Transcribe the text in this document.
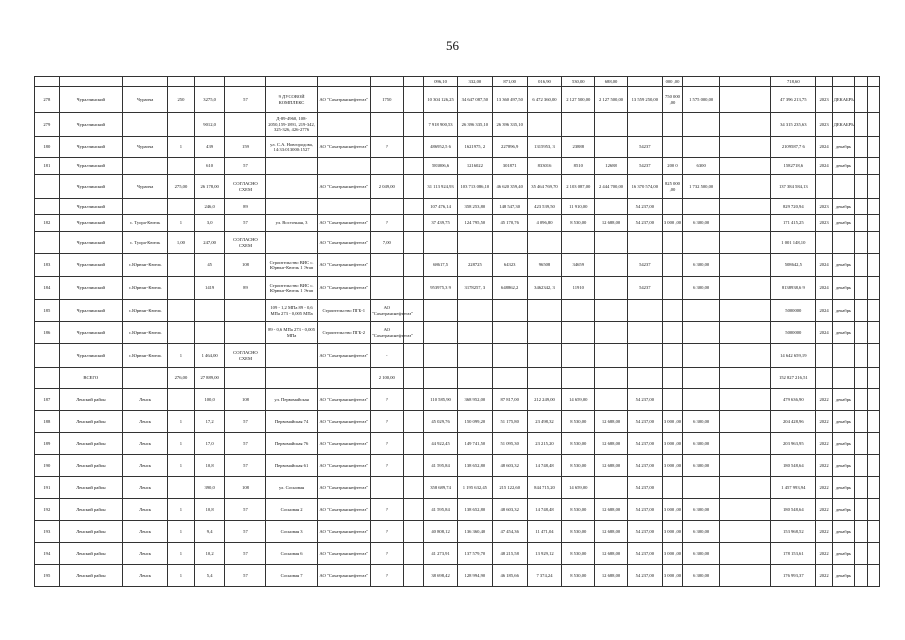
56
										096,10	332,00	871,00	016,90	530,00	688,00		000 ,00			718,60				
278	Чуралчинский	Чурапча	250	3275,0	57	9 ДУСОВОЙ КОМПЛЕКС	АО "Сахатранснефтегаз"	1750		10 304 126,25	34 647 087,50	13 360 497,50	6 472 360,00	2 127 500,00	2 127 500,00	13 559 250,00	750 000 ,00	1 575 000,00		47 396 213,75	2023	ДЕКАБРЬ		
279	Чуралчинский			9012,0		Д-89-4960, 108-2050,159-1891, 219-342, 325-326, 426-2776				7 918 900,53	26 396 335,10	26 396 335,10								34 315 235,63	2023	ДЕКАБРЬ		
180	Чуралчинский	Чурапча	1	439	159	ул. С.А. Новгородова, 14:33:013000:1527	АО "Сахатранснефтегаз"	?		486952,5 6	1621975, 2	227896,9	1315953, 3	23888		54237				2109587,7 6	2024	декабрь		
181	Чуралчинский			610	57					583006,6	1216022	301871	833016	8510	12688	54237	200 0	6300		1582718,6	2024	декабрь		
	Чуралчинский	Чурапча	275,00	26 178,00	СОГЛАСНО СХЕМ		АО "Сахатранснефтегаз"	2 049,00		31 113 924,93	103 713 086,10	46 620 359,40	35 464 769,70	2 103 087,00	2 444 700,00	16 370 574,00	825 000 ,00	1 732 500,00		137 384 584,13				
	Чуралчинский			246,0	89					107 476,14	358 253,80	148 547,30	423 539,50	11 910,00		54 237,00				829 720,94	2023	декабрь		
182	Чуралчинский	с. Туора-Кюель	1	3,0	57	ул. Восточная, 3	АО "Сахатранснефтегаз"	?		37 439,75	124 795,50	45 170,76	4 096,80	8 530,00	12 688,00	54 237,00	3 000 ,00	6 300,00		171 415,25	2023	декабрь		
	Чуралчинский	с. Туора-Кюель	1,00	247,00	СОГЛАСНО СХЕМ		АО "Сахатранснефтегаз"	7,00												1 001 148,10				
183	Чуралчинский	с.Юрюнг-Кюель		45	108	Строительство ВИС с. Юрюнг-Кюель 1 Этап	АО "Сахатранснефтегаз"			68617,5	228725	64323	96508	34659		54237		6 300,00		508642,5	2024	декабрь		
184	Чуралчинский	с.Юрюнг-Кюель		1419	89	Строительство ВИС с. Юрюнг-Кюель 1 Этап	АО "Сахатранснефтегаз"			953975,3 9	3178257, 3	648862,2	3462342, 3	11910		54237		6 300,00		8138938,6 9	2024	декабрь		
185	Чуралчинский	с.Юрюнг-Кюель				109 - 1,2 MПa 89 - 0,6 MПa 273 - 0,005 MПa	Строительство ПГБ-1	АО "Сахатранснефтегаз"												5000000	2024	декабрь		
186	Чуралчинский	с.Юрюнг-Кюель				89 - 0,6 МПа 273 - 0,005 МПа	Строительство ПГБ-2	АО "Сахатранснефтегаз"												5000000	2024	декабрь		
	Чуралчинский	с.Юрюнг-Кюель	1	1 464,00	СОГЛАСНО СХЕМ		АО "Сахатранснефтегаз"	-												14 642 659,19				
	ВСЕГО		276,00	27 889,00				2 100,00												152 827 216,51				
187	Ленский район	Ленск		100,0	108	ул. Первомайская	АО "Сахатранснефтегаз"	?		110 585,90	368 952,00	87 817,00	212 249,00	14 659,00		54 237,00				479 636,90	2022	декабрь		
188	Ленский район	Ленск	1	17,2	57	Первомайская 74	АО "Сахатранснефтегаз"	?		45 029,76	150 099,20	51 175,80	23 498,32	8 530,00	12 688,00	54 237,00	3 000 ,00	6 300,00		204 428,96	2022	декабрь		
189	Ленский район	Ленск	1	17,0	57	Первомайская 76	АО "Сахатранснефтегаз"	?		44 922,45	149 741,50	51 095,30	23 215,20	8 530,00	12 688,00	54 237,00	3 000 ,00	6 300,00		203 963,95	2022	декабрь		
190	Ленский район	Ленск	1	10,8	57	Первомайская 61	АО "Сахатранснефтегаз"	?		41 595,84	138 652,80	48 603,32	14 748,48	8 530,00	12 688,00	54 237,00	3 000 ,00	6 300,00		180 548,64	2022	декабрь		
191	Ленский район	Ленск		390,0	108	ул. Сосновая	АО "Сахатранснефтегаз"			358 689,74	1 195 632,45	215 122,60	844 715,20	14 659,00		54 237,00				1 457 993,94	2022	декабрь		
192	Ленский район	Ленск	1	10,8	57	Сосновая 2	АО "Сахатранснефтегаз"	?		41 595,84	138 652,80	48 603,32	14 748,48	8 530,00	12 688,00	54 237,00	3 000 ,00	6 300,00		180 548,64	2022	декабрь		
193	Ленский район	Ленск	1	9,4	57	Сосновая 3	АО "Сахатранснефтегаз"	?		40 808,12	136 360,40	47 454,36	11 471,04	8 530,00	12 688,00	54 237,00	3 000 ,00	6 300,00		153 968,52	2022	декабрь		
194	Ленский район	Ленск	1	10,2	57	Сосновая 6	АО "Сахатранснефтегаз"	?		41 273,91	137 579,70	48 215,58	13 929,12	8 530,00	12 688,00	54 237,00	3 000 ,00	6 300,00		178 153,61	2022	декабрь		
195	Ленский район	Ленск	1	5,4	57	Сосновая 7	АО "Сахатранснефтегаз"	?		38 698,42	128 994,90	46 185,66	7 374,24	8 530,00	12 688,00	54 237,00	3 000 ,00	6 300,00		176 993,37	2022	декабрь		
